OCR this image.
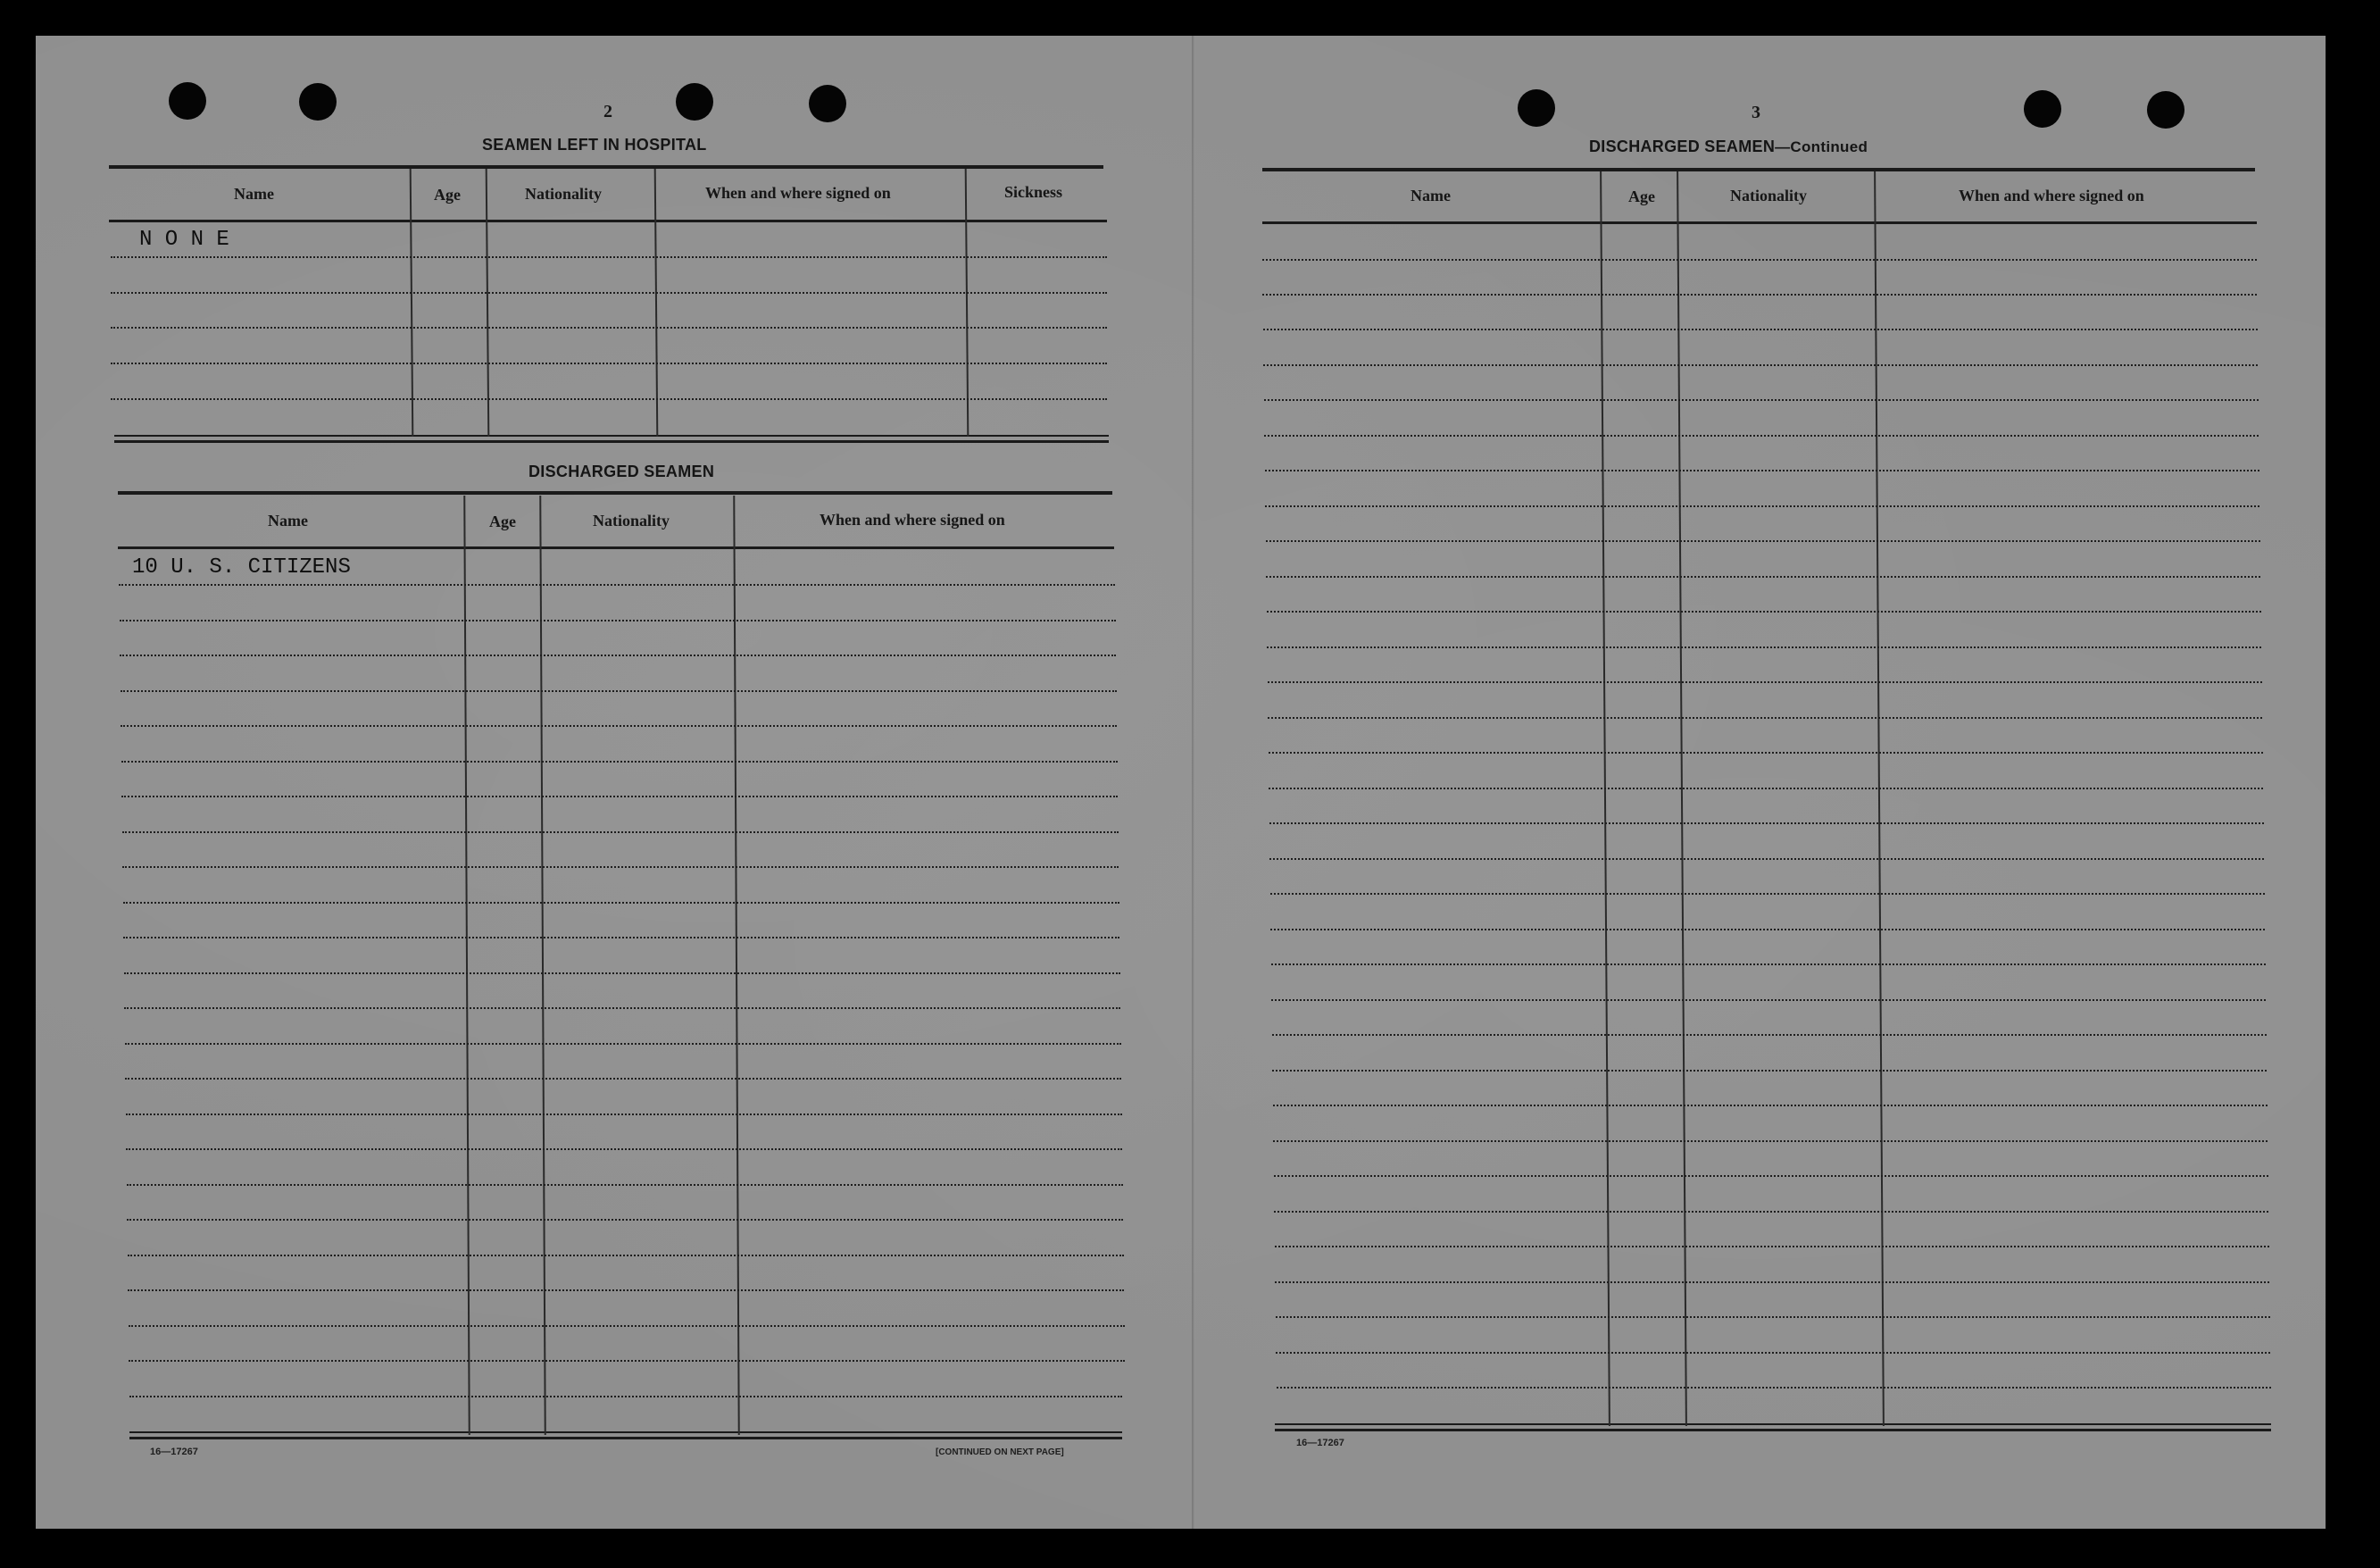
2
SEAMEN LEFT IN HOSPITAL
Name	Age	Nationality	When and where signed on	Sickness
N O N E
DISCHARGED SEAMEN
Name	Age	Nationality	When and where signed on
10 U. S. CITIZENS
16—17267	[CONTINUED ON NEXT PAGE]
3
DISCHARGED SEAMEN—Continued
Name	Age	Nationality	When and where signed on
16—17267
